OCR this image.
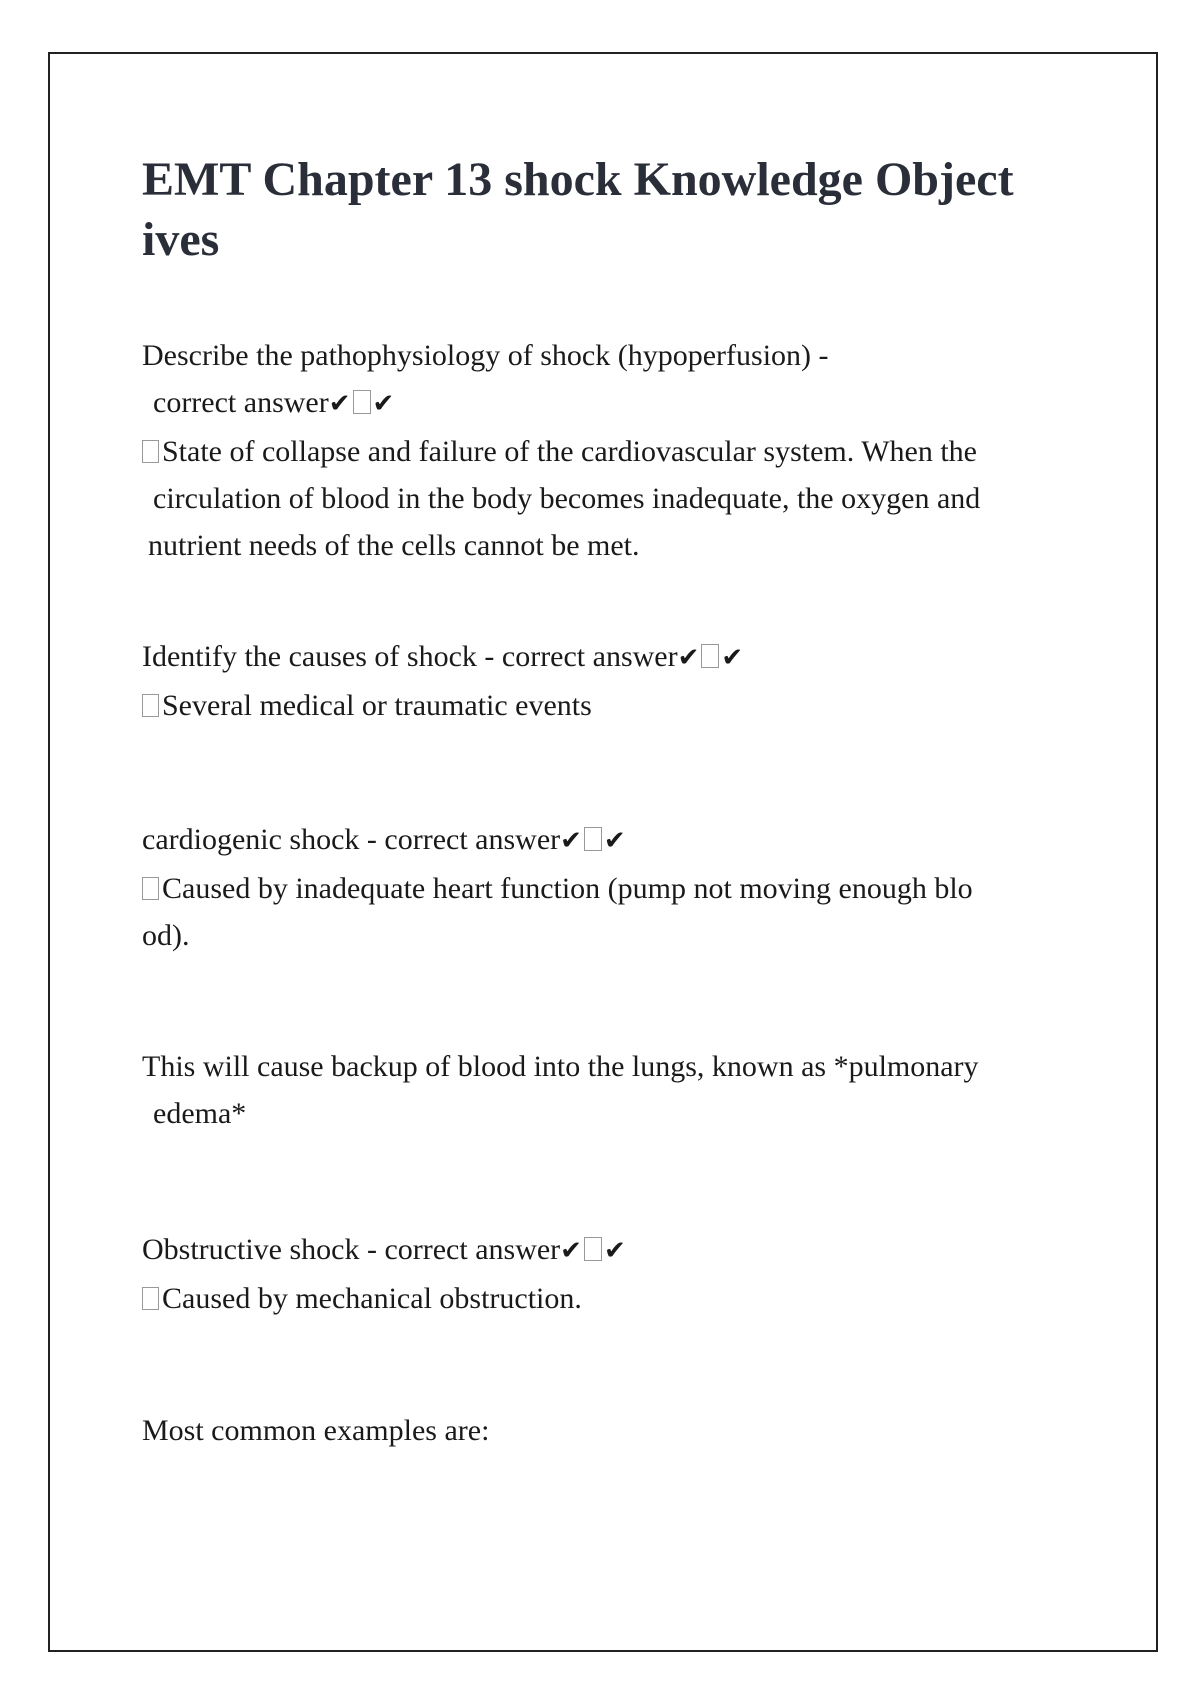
EMT Chapter 13 shock Knowledge Objectives
Describe the pathophysiology of shock (hypoperfusion) -
correct answer✔ ✔
State of collapse and failure of the cardiovascular system. When the
circulation of blood in the body becomes inadequate, the oxygen and
nutrient needs of the cells cannot be met.
Identify the causes of shock - correct answer✔ ✔
Several medical or traumatic events
cardiogenic shock - correct answer✔ ✔
Caused by inadequate heart function (pump not moving enough blo
od).
This will cause backup of blood into the lungs, known as *pulmonary
edema*
Obstructive shock - correct answer✔ ✔
Caused by mechanical obstruction.
Most common examples are:
